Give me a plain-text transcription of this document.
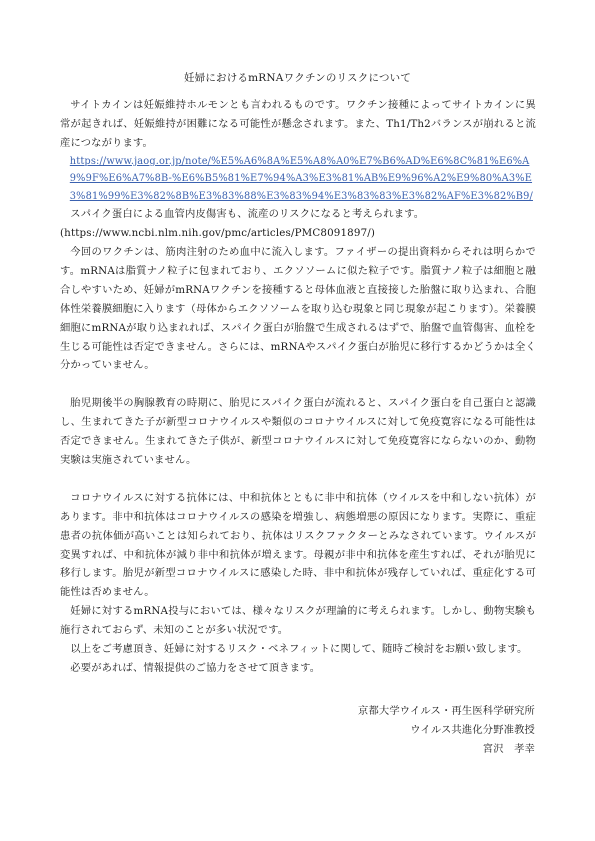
妊婦におけるmRNAワクチンのリスクについて

サイトカインは妊娠維持ホルモンとも言われるものです。ワクチン接種によってサイトカインに異常が起きれば、妊娠維持が困難になる可能性が懸念されます。また、Th1/Th2バランスが崩れると流産につながります。

https://www.jaog.or.jp/note/%E5%A6%8A%E5%A8%A0%E7%B6%AD%E6%8C%81%E6%A9%9F%E6%A7%8B-%E6%B5%81%E7%94%A3%E3%81%AB%E9%96%A2%E9%80%A3%E3%81%99%E3%82%8B%E3%83%88%E3%83%94%E3%83%83%E3%82%AF%E3%82%B9/

スパイク蛋白による血管内皮傷害も、流産のリスクになると考えられます。

(https://www.ncbi.nlm.nih.gov/pmc/articles/PMC8091897/)

今回のワクチンは、筋肉注射のため血中に流入します。ファイザーの提出資料からそれは明らかです。mRNAは脂質ナノ粒子に包まれており、エクソソームに似た粒子です。脂質ナノ粒子は細胞と融合しやすいため、妊婦がmRNAワクチンを接種すると母体血液と直接接した胎盤に取り込まれ、合胞体性栄養膜細胞に入ります（母体からエクソソームを取り込む現象と同じ現象が起こります）。栄養膜細胞にmRNAが取り込まれれば、スパイク蛋白が胎盤で生成されるはずで、胎盤で血管傷害、血栓を生じる可能性は否定できません。さらには、mRNAやスパイク蛋白が胎児に移行するかどうかは全く分かっていません。

胎児期後半の胸腺教育の時期に、胎児にスパイク蛋白が流れると、スパイク蛋白を自己蛋白と認識し、生まれてきた子が新型コロナウイルスや類似のコロナウイルスに対して免疫寛容になる可能性は否定できません。生まれてきた子供が、新型コロナウイルスに対して免疫寛容にならないのか、動物実験は実施されていません。

コロナウイルスに対する抗体には、中和抗体とともに非中和抗体（ウイルスを中和しない抗体）があります。非中和抗体はコロナウイルスの感染を増強し、病態増悪の原因になります。実際に、重症患者の抗体価が高いことは知られており、抗体はリスクファクターとみなされています。ウイルスが変異すれば、中和抗体が減り非中和抗体が増えます。母親が非中和抗体を産生すれば、それが胎児に移行します。胎児が新型コロナウイルスに感染した時、非中和抗体が残存していれば、重症化する可能性は否めません。

妊婦に対するmRNA投与においては、様々なリスクが理論的に考えられます。しかし、動物実験も施行されておらず、未知のことが多い状況です。

以上をご考慮頂き、妊婦に対するリスク・ベネフィットに関して、随時ご検討をお願い致します。

必要があれば、情報提供のご協力をさせて頂きます。

京都大学ウイルス・再生医科学研究所
ウイルス共進化分野准教授
宮沢　孝幸
